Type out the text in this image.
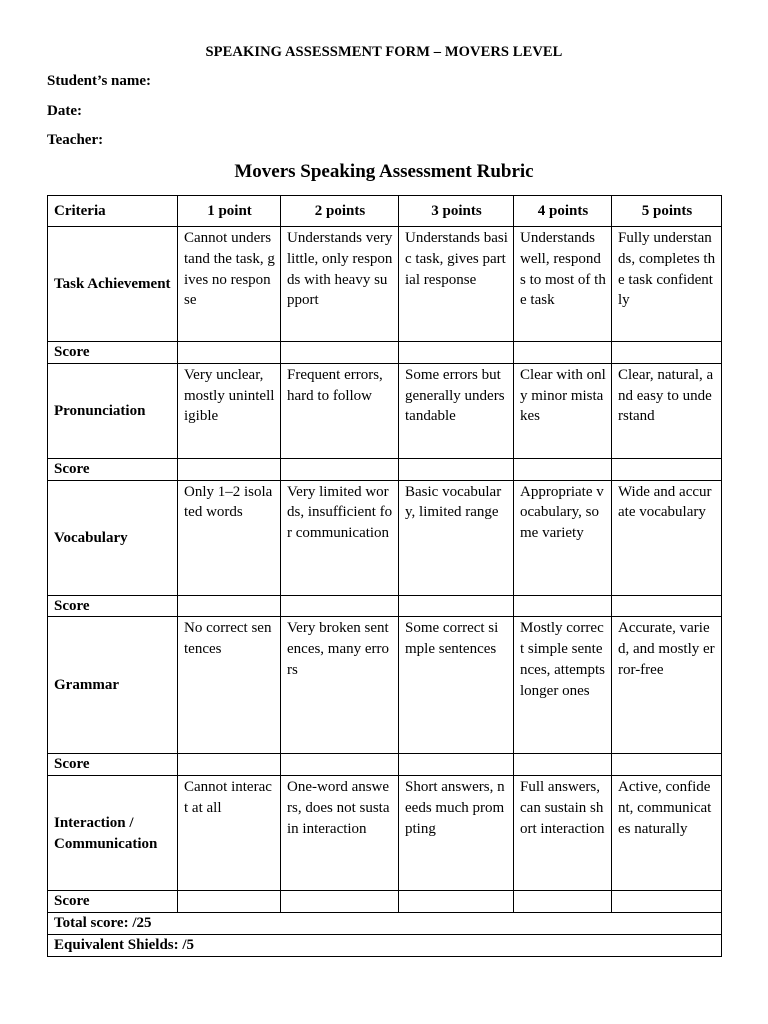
SPEAKING ASSESSMENT FORM – MOVERS LEVEL
Student’s name:
Date:
Teacher:
Movers Speaking Assessment Rubric
Criteria	1 point	2 points	3 points	4 points	5 points
Task Achievement	Cannot understand the task, gives no response	Understands very little, only responds with heavy support	Understands basic task, gives partial response	Understands well, responds to most of the task	Fully understands, completes the task confidently
Score					
Pronunciation	Very unclear, mostly unintelligible	Frequent errors, hard to follow	Some errors but generally understandable	Clear with only minor mistakes	Clear, natural, and easy to understand
Score					
Vocabulary	Only 1–2 isolated words	Very limited words, insufficient for communication	Basic vocabulary, limited range	Appropriate vocabulary, some variety	Wide and accurate vocabulary
Score					
Grammar	No correct sentences	Very broken sentences, many errors	Some correct simple sentences	Mostly correct simple sentences, attempts longer ones	Accurate, varied, and mostly error-free
Score					
Interaction / Communication	Cannot interact at all	One-word answers, does not sustain interaction	Short answers, needs much prompting	Full answers, can sustain short interaction	Active, confident, communicates naturally
Score					
Total score: /25					
Equivalent Shields: /5					
